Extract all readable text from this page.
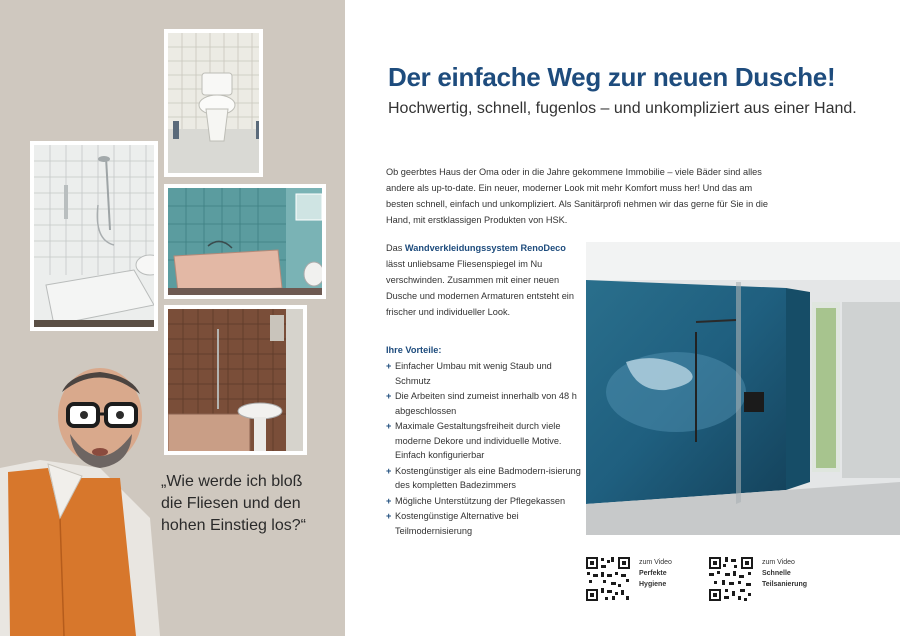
„Wie werde ich bloß
die Fliesen und den
hohen Einstieg los?“
Der einfache Weg zur neuen Dusche!
Hochwertig, schnell, fugenlos – und unkompliziert aus einer Hand.

Ob geerbtes Haus der Oma oder in die Jahre gekommene Immobilie – viele Bäder sind alles andere als up-to-date. Ein neuer, moderner Look mit mehr Komfort muss her! Und das am besten schnell, einfach und unkompliziert. Als Sanitärprofi nehmen wir das gerne für Sie in die Hand, mit erstklassigen Produkten von HSK.

Das Wandverkleidungssystem RenoDeco lässt unliebsame Fliesenspiegel im Nu verschwinden. Zusammen mit einer neuen Dusche und modernen Armaturen entsteht ein frischer und individueller Look.

Ihre Vorteile:
+ Einfacher Umbau mit wenig Staub und Schmutz
+ Die Arbeiten sind zumeist innerhalb von 48 h abgeschlossen
+ Maximale Gestaltungsfreiheit durch viele moderne Dekore und individuelle Motive. Einfach konfigurierbar
+ Kostengünstiger als eine Badmodern-isierung des kompletten Badezimmers
+ Mögliche Unterstützung der Pflegekassen
+ Kostengünstige Alternative bei Teilmodernisierung
zum Video
Perfekte
Hygiene
zum Video
Schnelle
Teilsanierung
